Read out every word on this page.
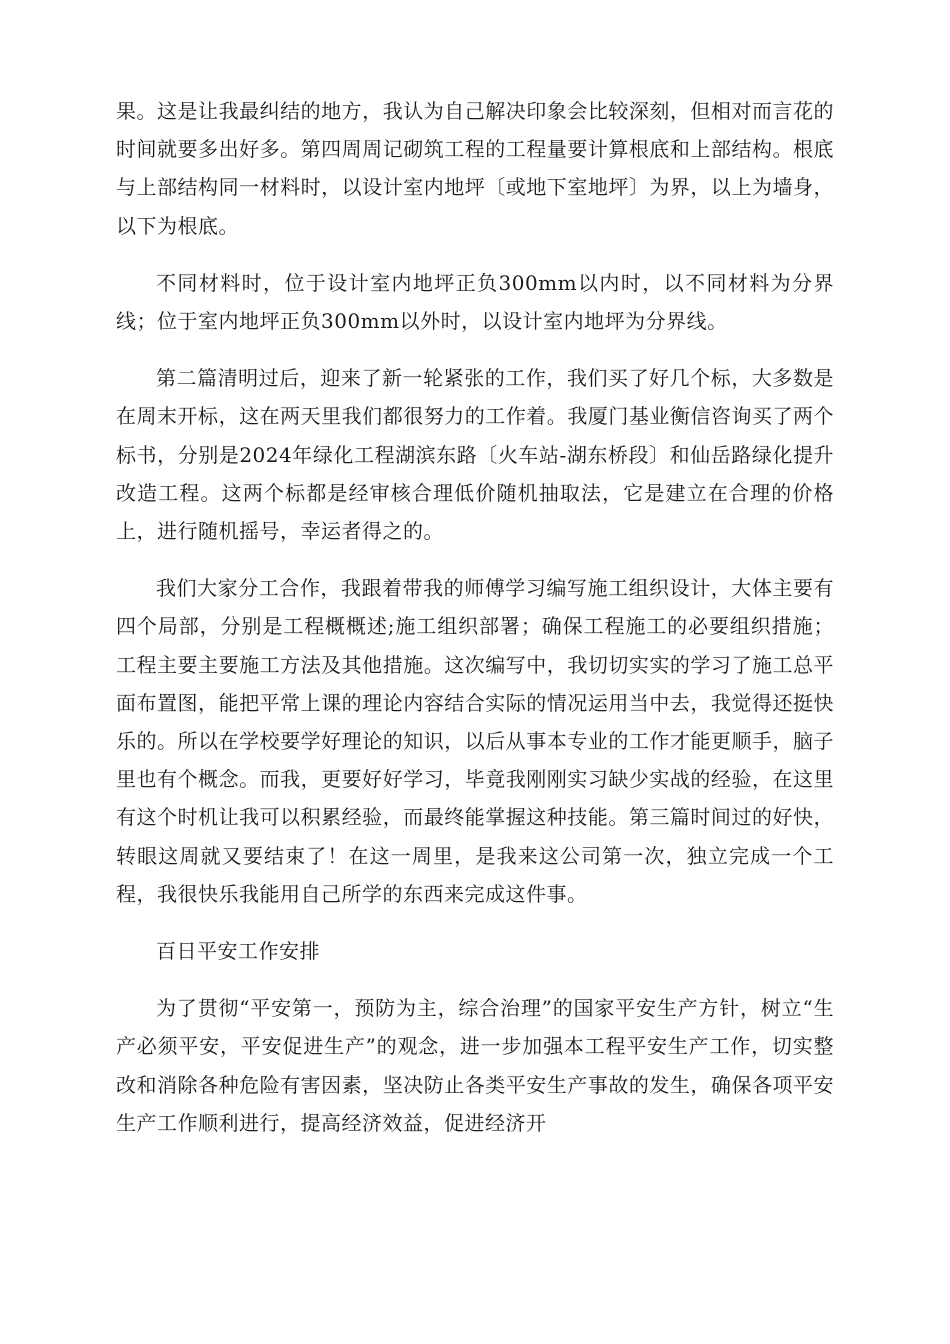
果。这是让我最纠结的地方，我认为自己解决印象会比较深刻，但相对而言花的时间就要多出好多。第四周周记砌筑工程的工程量要计算根底和上部结构。根底与上部结构同一材料时，以设计室内地坪〔或地下室地坪〕为界，以上为墙身，以下为根底。

不同材料时，位于设计室内地坪正负300mm以内时，以不同材料为分界线；位于室内地坪正负300mm以外时，以设计室内地坪为分界线。

第二篇清明过后，迎来了新一轮紧张的工作，我们买了好几个标，大多数是在周末开标，这在两天里我们都很努力的工作着。我厦门基业衡信咨询买了两个标书，分别是2024年绿化工程湖滨东路〔火车站-湖东桥段〕和仙岳路绿化提升改造工程。这两个标都是经审核合理低价随机抽取法，它是建立在合理的价格上，进行随机摇号，幸运者得之的。

我们大家分工合作，我跟着带我的师傅学习编写施工组织设计，大体主要有四个局部，分别是工程概概述;施工组织部署；确保工程施工的必要组织措施；工程主要主要施工方法及其他措施。这次编写中，我切切实实的学习了施工总平面布置图，能把平常上课的理论内容结合实际的情况运用当中去，我觉得还挺快乐的。所以在学校要学好理论的知识，以后从事本专业的工作才能更顺手，脑子里也有个概念。而我，更要好好学习，毕竟我刚刚实习缺少实战的经验，在这里有这个时机让我可以积累经验，而最终能掌握这种技能。第三篇时间过的好快，转眼这周就又要结束了！在这一周里，是我来这公司第一次，独立完成一个工程，我很快乐我能用自己所学的东西来完成这件事。

百日平安工作安排

为了贯彻“平安第一，预防为主，综合治理”的国家平安生产方针，树立“生产必须平安，平安促进生产”的观念，进一步加强本工程平安生产工作，切实整改和消除各种危险有害因素，坚决防止各类平安生产事故的发生，确保各项平安生产工作顺利进行，提高经济效益，促进经济开
